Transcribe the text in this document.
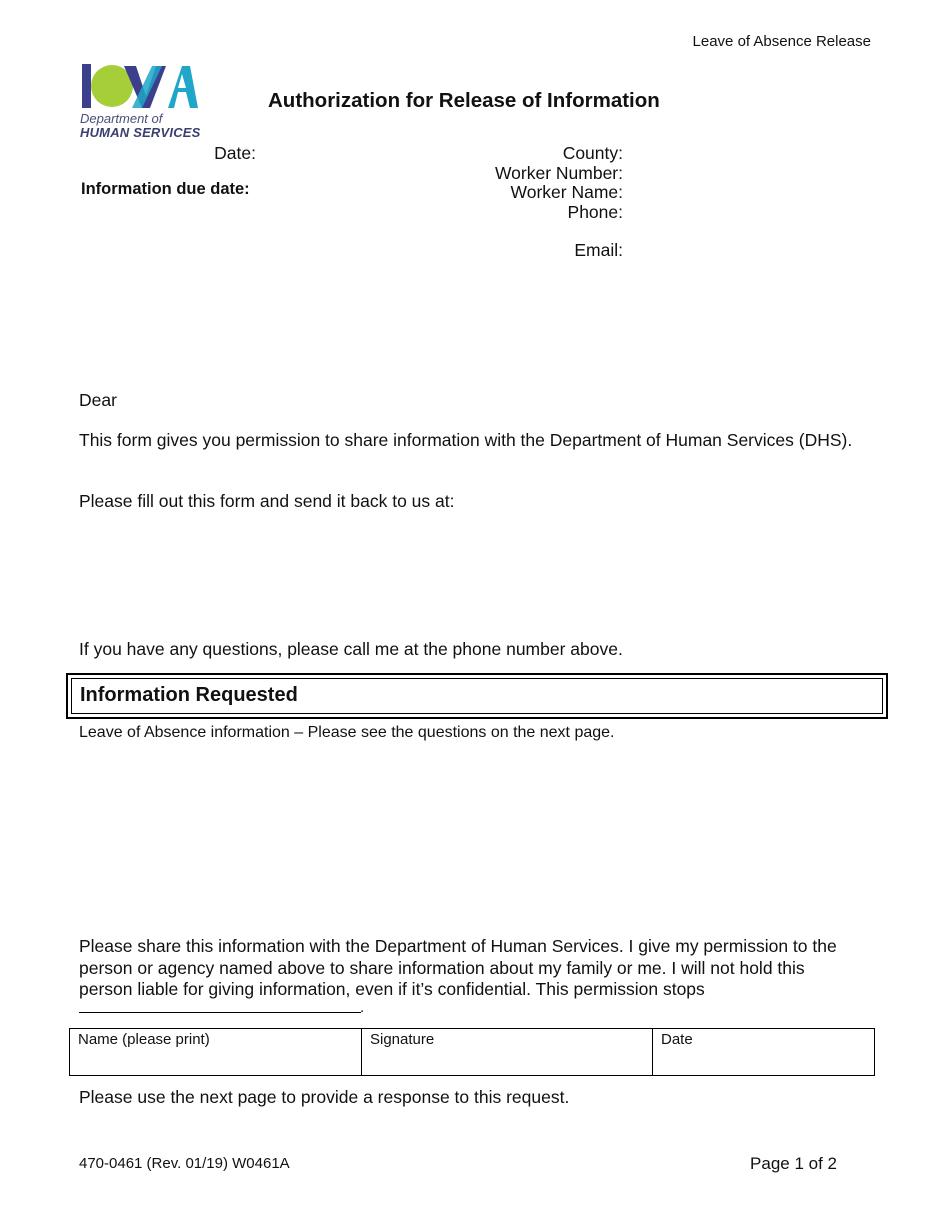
Leave of Absence Release
Department of
HUMAN SERVICES
Authorization for Release of Information
Date:
Information due date:
County:
Worker Number:
Worker Name:
Phone:
Email:
Dear
This form gives you permission to share information with the Department of Human Services (DHS).
Please fill out this form and send it back to us at:
If you have any questions, please call me at the phone number above.
Information Requested
Leave of Absence information – Please see the questions on the next page.
Please share this information with the Department of Human Services. I give my permission to the person or agency named above to share information about my family or me. I will not hold this person liable for giving information, even if it’s confidential. This permission stops
.
Name (please print)	Signature	Date
Please use the next page to provide a response to this request.
470-0461 (Rev. 01/19) W0461A	Page 1 of 2
